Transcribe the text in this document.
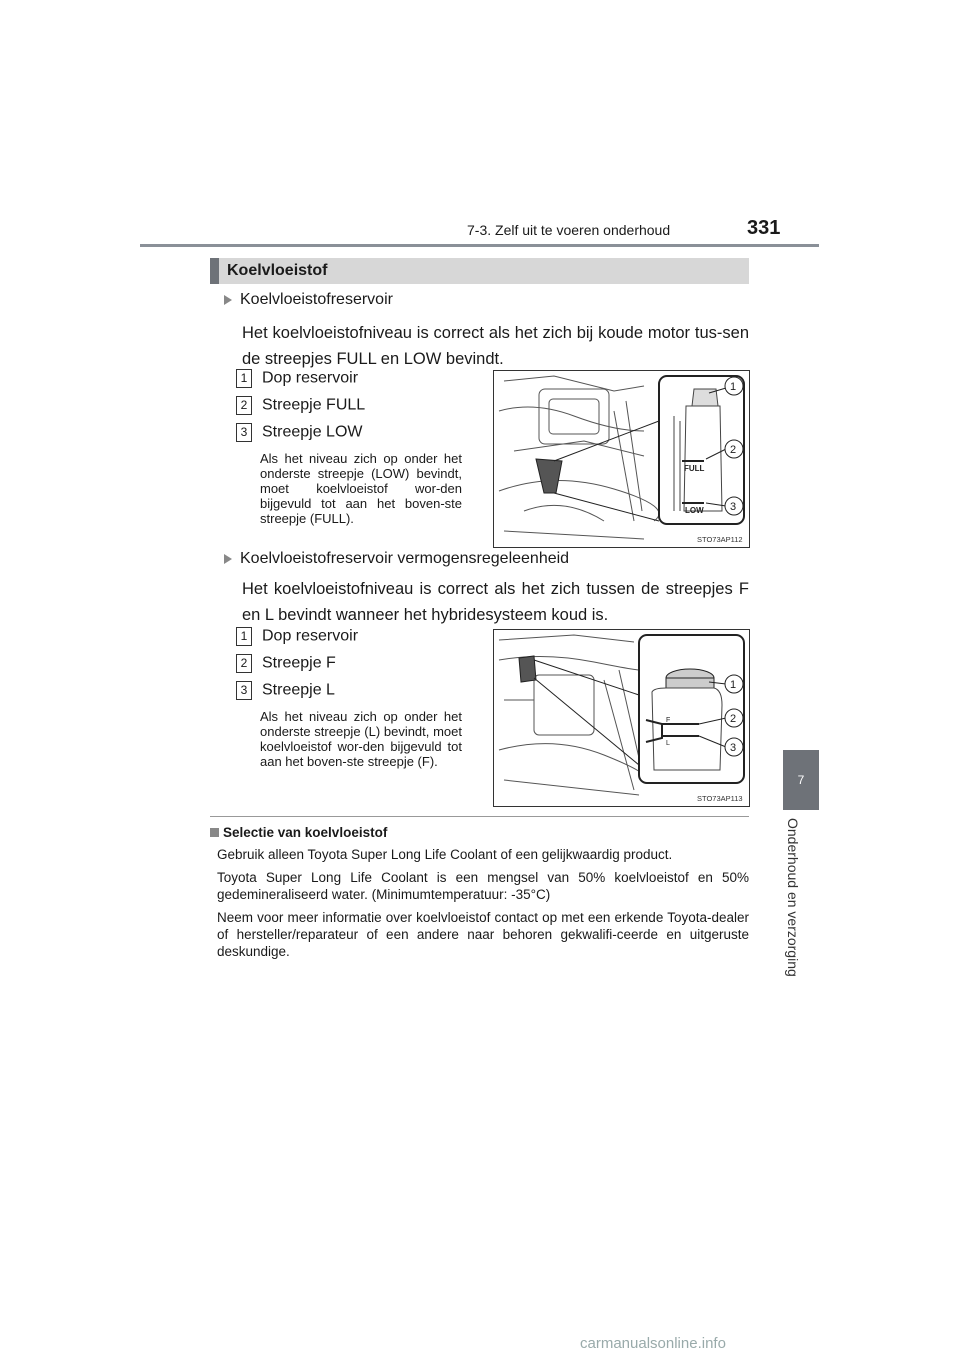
7-3. Zelf uit te voeren onderhoud	331
7
Onderhoud en verzorging
Koelvloeistof
Koelvloeistofreservoir
Het koelvloeistofniveau is correct als het zich bij koude motor tus-sen de streepjes FULL en LOW bevindt.
1 Dop reservoir
2 Streepje FULL
3 Streepje LOW
Als het niveau zich op onder het onderste streepje (LOW) bevindt, moet koelvloeistof wor-den bijgevuld tot aan het boven-ste streepje (FULL).
FULL
LOW
1
2
3
STO73AP112
Koelvloeistofreservoir vermogensregeleenheid
Het koelvloeistofniveau is correct als het zich tussen de streepjes F en L bevindt wanneer het hybridesysteem koud is.
1 Dop reservoir
2 Streepje F
3 Streepje L
Als het niveau zich op onder het onderste streepje (L) bevindt, moet koelvloeistof wor-den bijgevuld tot aan het boven-ste streepje (F).
F
L
1
2
3
STO73AP113
Selectie van koelvloeistof
Gebruik alleen Toyota Super Long Life Coolant of een gelijkwaardig product.
Toyota Super Long Life Coolant is een mengsel van 50% koelvloeistof en 50% gedemineraliseerd water. (Minimumtemperatuur: -35°C)
Neem voor meer informatie over koelvloeistof contact op met een erkende Toyota-dealer of hersteller/reparateur of een andere naar behoren gekwalifi-ceerde en uitgeruste deskundige.
carmanualsonline.info
